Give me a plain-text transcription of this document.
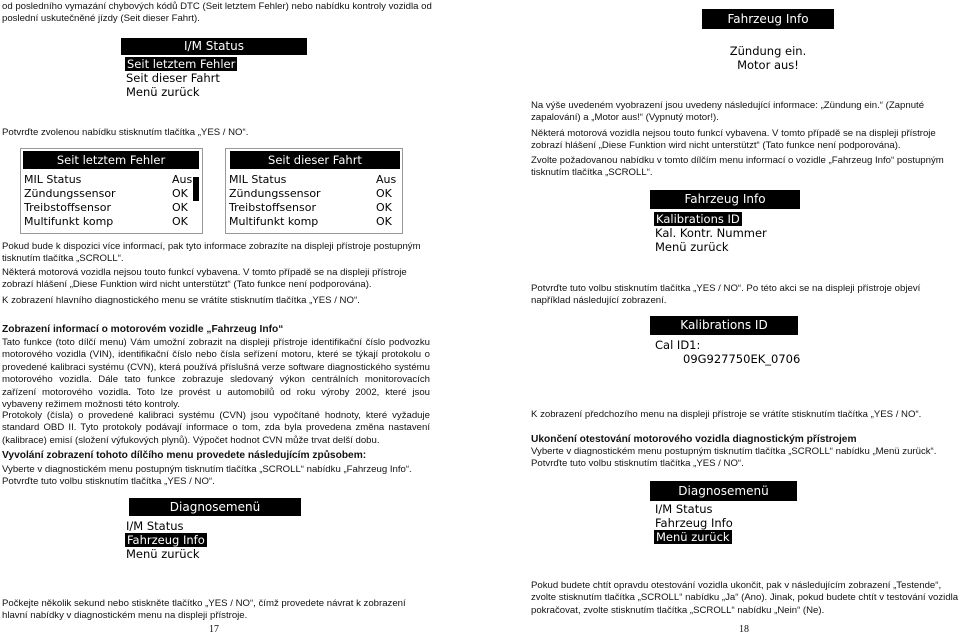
od posledního vymazání chybových kódů DTC (Seit letztem Fehler) nebo nabídku kontroly vozidla od poslední uskutečněné jízdy (Seit dieser Fahrt).

I/M Status
Seit letztem Fehler
Seit dieser Fahrt
Menü zurück

Potvrďte zvolenou nabídku stisknutím tlačítka „YES / NO“.

Seit letztem Fehler
MIL Status	Aus
Zündungssensor	OK
Treibstoffsensor	OK
Multifunkt komp	OK
Seit dieser Fahrt
MIL Status	Aus
Zündungssensor	OK
Treibstoffsensor	OK
Multifunkt komp	OK

Pokud bude k dispozici více informací, pak tyto informace zobrazíte na displeji přístroje postupným tisknutím tlačítka „SCROLL“.

Některá motorová vozidla nejsou touto funkcí vybavena. V tomto případě se na displeji přístroje zobrazí hlášení „Diese Funktion wird nicht unterstützt“ (Tato funkce není podporována).

K zobrazení hlavního diagnostického menu se vrátíte stisknutím tlačítka „YES / NO“.

Zobrazení informací o motorovém vozidle „Fahrzeug Info“

Tato funkce (toto dílčí menu) Vám umožní zobrazit na displeji přístroje identifikační číslo podvozku motorového vozidla (VIN), identifikační číslo nebo čísla seřízení motoru, které se týkají protokolu o provedené kalibraci systému (CVN), která používá příslušná verze software diagnostického systému motorového vozidla. Dále tato funkce zobrazuje sledovaný výkon centrálních monitorovacích zařízení motorového vozidla. Toto lze provést u automobilů od roku výroby 2002, které jsou vybaveny režimem možnosti této kontroly.

Protokoly (čísla) o provedené kalibraci systému (CVN) jsou vypočítané hodnoty, které vyžaduje standard OBD II. Tyto protokoly podávají informace o tom, zda byla provedena změna nastavení (kalibrace) emisí (složení výfukových plynů). Výpočet hodnot CVN může trvat delší dobu.

Vyvolání zobrazení tohoto dílčího menu provedete následujícím způsobem:

Vyberte v diagnostickém menu postupným tisknutím tlačítka „SCROLL“ nabídku „Fahrzeug Info“. Potvrďte tuto volbu stisknutím tlačítka „YES / NO“.

Diagnosemenü
I/M Status
Fahrzeug Info
Menü zurück

Počkejte několik sekund nebo stiskněte tlačítko „YES / NO“, čímž provedete návrat k zobrazení hlavní nabídky v diagnostickém menu na displeji přístroje.

17
Fahrzeug Info
Zündung ein.
Motor aus!

Na výše uvedeném vyobrazení jsou uvedeny následující informace: „Zündung ein.“ (Zapnuté zapalování) a „Motor aus!“ (Vypnutý motor!).

Některá motorová vozidla nejsou touto funkcí vybavena. V tomto případě se na displeji přístroje zobrazí hlášení „Diese Funktion wird nicht unterstützt“ (Tato funkce není podporována).

Zvolte požadovanou nabídku v tomto dílčím menu informací o vozidle „Fahrzeug Info“ postupným tisknutím tlačítka „SCROLL“.

Fahrzeug Info
Kalibrations ID
Kal. Kontr. Nummer
Menü zurück

Potvrďte tuto volbu stisknutím tlačítka „YES / NO“. Po této akci se na displeji přístroje objeví například následující zobrazení.

Kalibrations ID
Cal ID1:
09G927750EK_0706

K zobrazení předchozího menu na displeji přístroje se vrátíte stisknutím tlačítka „YES / NO“.

Ukončení otestování motorového vozidla diagnostickým přístrojem

Vyberte v diagnostickém menu postupným tisknutím tlačítka „SCROLL“ nabídku „Menü zurück“. Potvrďte tuto volbu stisknutím tlačítka „YES / NO“.

Diagnosemenü
I/M Status
Fahrzeug Info
Menü zurück

Pokud budete chtít opravdu otestování vozidla ukončit, pak v následujícím zobrazení „Testende“, zvolte stisknutím tlačítka „SCROLL“ nabídku „Ja“ (Ano). Jinak, pokud budete chtít v testování vozidla pokračovat, zvolte stisknutím tlačítka „SCROLL“ nabídku „Nein“ (Ne).

18
